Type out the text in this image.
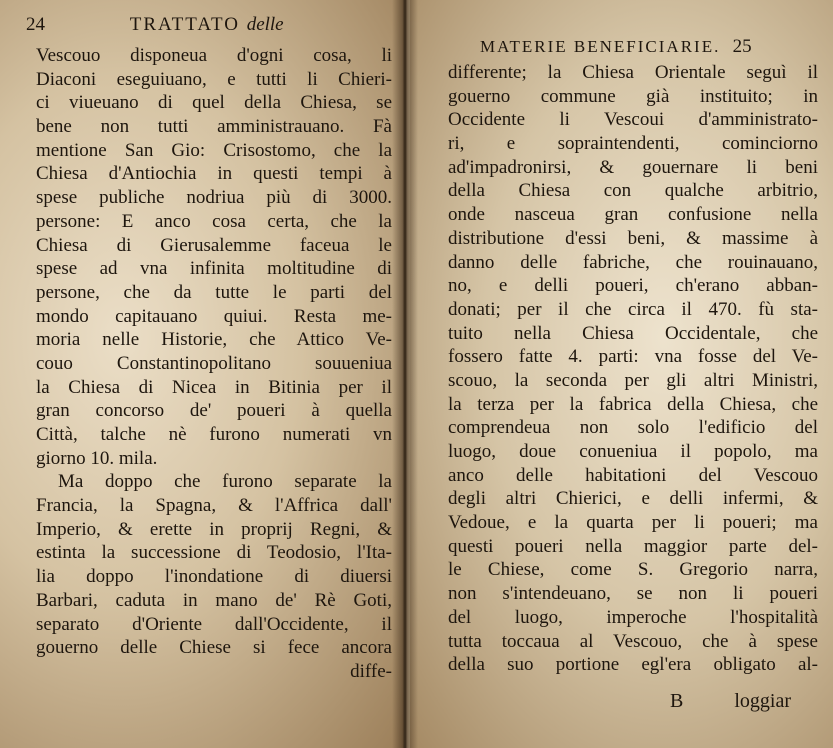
24	TRATTATO delle
Vescouo disponeua d'ogni cosa, li
Diaconi eseguiuano, e tutti li Chieri-
ci viueuano di quel della Chiesa, se
bene non tutti amministrauano. Fà
mentione San Gio: Crisostomo, che la
Chiesa d'Antiochia in questi tempi à
spese publiche nodriua più di 3000.
persone: E anco cosa certa, che la
Chiesa di Gierusalemme faceua le
spese ad vna infinita moltitudine di
persone, che da tutte le parti del
mondo capitauano quiui. Resta me-
moria nelle Historie, che Attico Ve-
couo Constantinopolitano souueniua
la Chiesa di Nicea in Bitinia per il
gran concorso de' poueri à quella
Città, talche nè furono numerati vn
giorno 10. mila.
Ma doppo che furono separate la
Francia, la Spagna, & l'Affrica dall'
Imperio, & erette in proprij Regni, &
estinta la successione di Teodosio, l'Ita-
lia doppo l'inondatione di diuersi
Barbari, caduta in mano de' Rè Goti,
separato d'Oriente dall'Occidente, il
gouerno delle Chiese si fece ancora
diffe-
MATERIE BENEFICIARIE. 25
differente; la Chiesa Orientale seguì il
gouerno commune già instituito; in
Occidente li Vescoui d'amministrato-
ri, e sopraintendenti, cominciorno
ad'impadronirsi, & gouernare li beni
della Chiesa con qualche arbitrio,
onde nasceua gran confusione nella
distributione d'essi beni, & massime à
danno delle fabriche, che rouinauano,
no, e delli poueri, ch'erano abban-
donati; per il che circa il 470. fù sta-
tuito nella Chiesa Occidentale, che
fossero fatte 4. parti: vna fosse del Ve-
scouo, la seconda per gli altri Ministri,
la terza per la fabrica della Chiesa, che
comprendeua non solo l'edificio del
luogo, doue conueniua il popolo, ma
anco delle habitationi del Vescouo
degli altri Chierici, e delli infermi, &
Vedoue, e la quarta per li poueri; ma
questi poueri nella maggior parte del-
le Chiese, come S. Gregorio narra,
non s'intendeuano, se non li poueri
del luogo, imperoche l'hospitalità
tutta toccaua al Vescouo, che à spese
della suo portione egl'era obligato al-
B	loggiar
